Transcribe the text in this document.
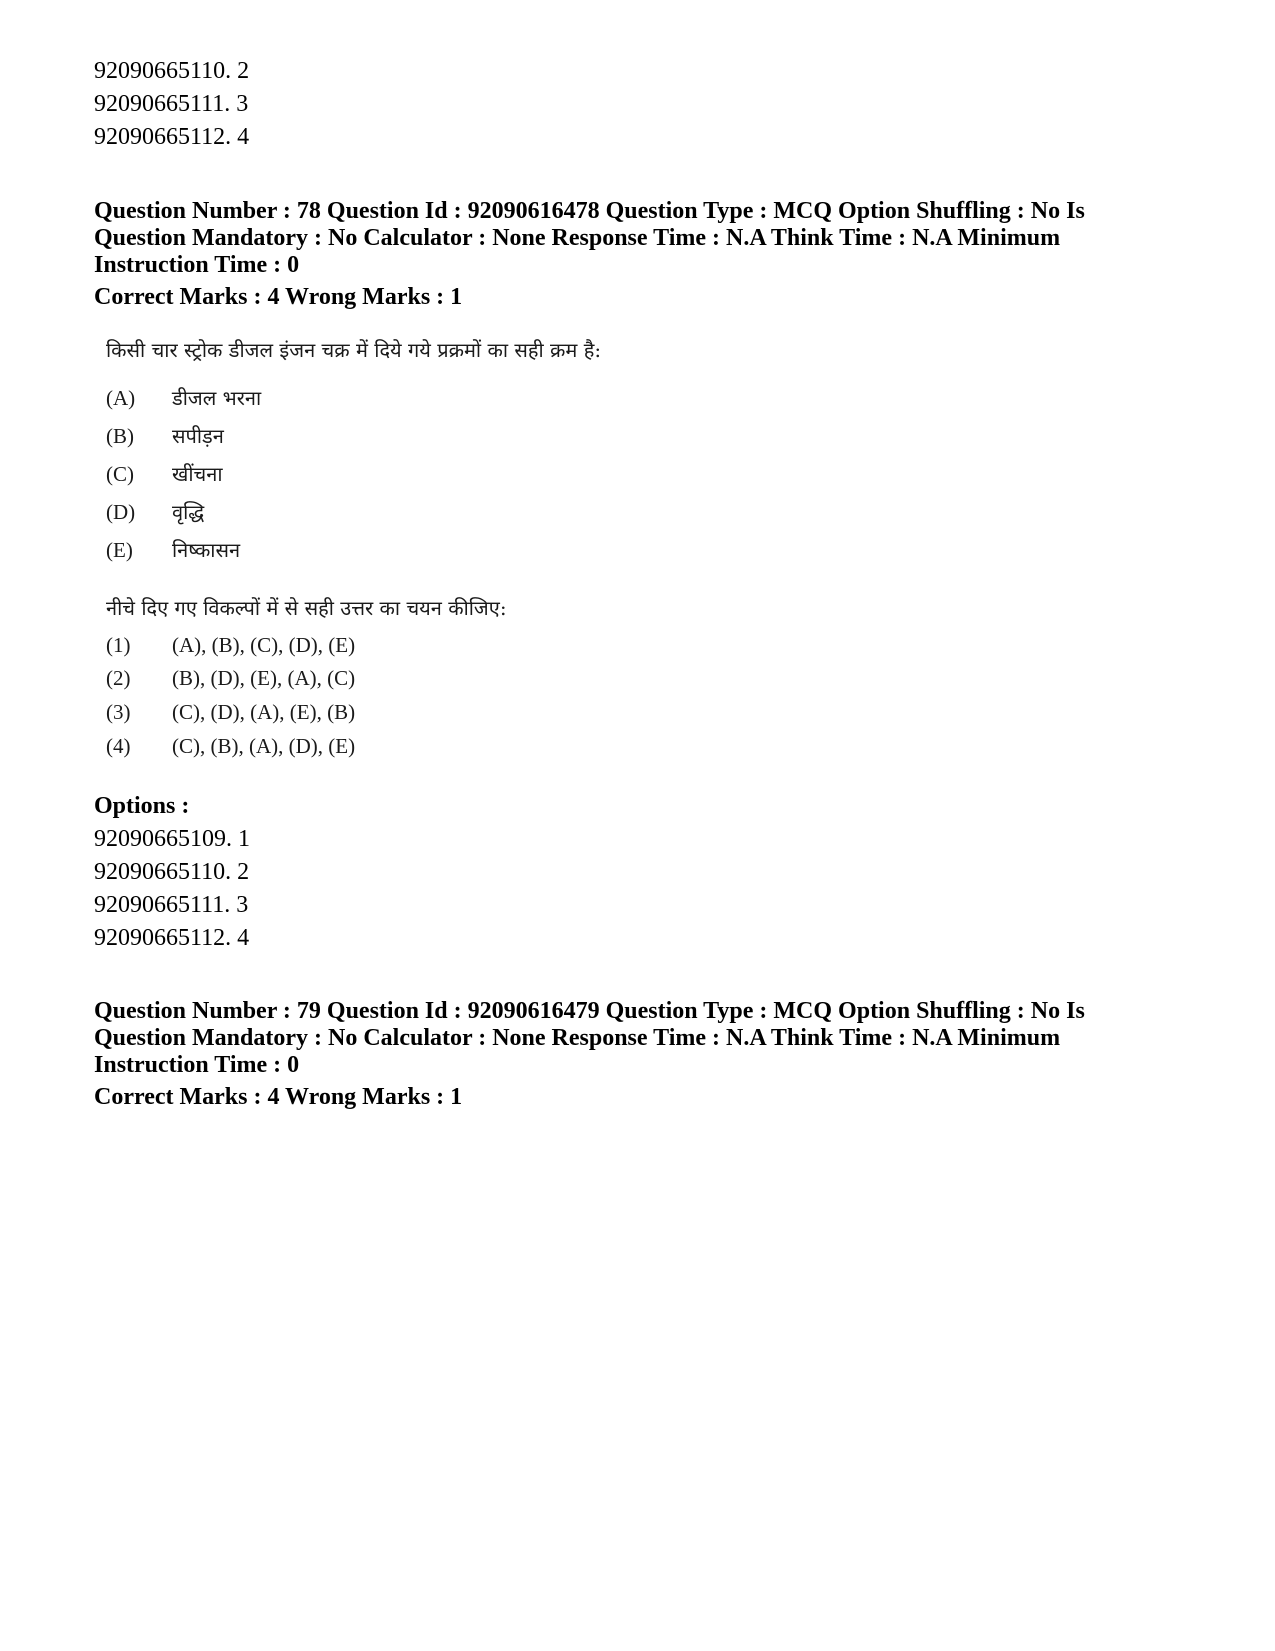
92090665110. 2
92090665111. 3
92090665112. 4
Question Number : 78 Question Id : 92090616478 Question Type : MCQ Option Shuffling : No Is Question Mandatory : No Calculator : None Response Time : N.A Think Time : N.A Minimum Instruction Time : 0
Correct Marks : 4 Wrong Marks : 1
किसी चार स्ट्रोक डीजल इंजन चक्र में दिये गये प्रक्रमों का सही क्रम है:
(A) डीजल भरना
(B) सपीड़न
(C) खींचना
(D) वृद्धि
(E) निष्कासन
नीचे दिए गए विकल्पों में से सही उत्तर का चयन कीजिए:
(1) (A), (B), (C), (D), (E)
(2) (B), (D), (E), (A), (C)
(3) (C), (D), (A), (E), (B)
(4) (C), (B), (A), (D), (E)
Options :
92090665109. 1
92090665110. 2
92090665111. 3
92090665112. 4
Question Number : 79 Question Id : 92090616479 Question Type : MCQ Option Shuffling : No Is Question Mandatory : No Calculator : None Response Time : N.A Think Time : N.A Minimum Instruction Time : 0
Correct Marks : 4 Wrong Marks : 1
